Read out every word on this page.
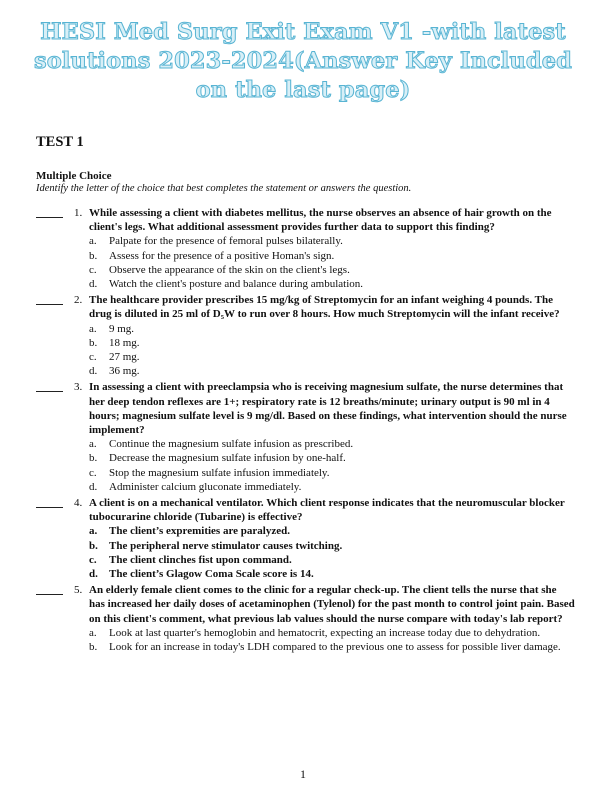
HESI Med Surg Exit Exam V1 -with latest solutions 2023-2024(Answer Key Included on the last page)
TEST 1
Multiple Choice
Identify the letter of the choice that best completes the statement or answers the question.
1. While assessing a client with diabetes mellitus, the nurse observes an absence of hair growth on the client's legs. What additional assessment provides further data to support this finding?
a.	Palpate for the presence of femoral pulses bilaterally.
b.	Assess for the presence of a positive Homan's sign.
c.	Observe the appearance of the skin on the client's legs.
d.	Watch the client's posture and balance during ambulation.
2. The healthcare provider prescribes 15 mg/kg of Streptomycin for an infant weighing 4 pounds. The drug is diluted in 25 ml of D₅W to run over 8 hours. How much Streptomycin will the infant receive?
a.	9 mg.
b.	18 mg.
c.	27 mg.
d.	36 mg.
3. In assessing a client with preeclampsia who is receiving magnesium sulfate, the nurse determines that her deep tendon reflexes are 1+; respiratory rate is 12 breaths/minute; urinary output is 90 ml in 4 hours; magnesium sulfate level is 9 mg/dl. Based on these findings, what intervention should the nurse implement?
a.	Continue the magnesium sulfate infusion as prescribed.
b.	Decrease the magnesium sulfate infusion by one-half.
c.	Stop the magnesium sulfate infusion immediately.
d.	Administer calcium gluconate immediately.
4. A client is on a mechanical ventilator. Which client response indicates that the neuromuscular blocker tubocurarine chloride (Tubarine) is effective?
a.	The client’s expremities are paralyzed.
b.	The peripheral nerve stimulator causes twitching.
c.	The client clinches fist upon command.
d.	The client’s Glagow Coma Scale score is 14.
5. An elderly female client comes to the clinic for a regular check-up. The client tells the nurse that she has increased her daily doses of acetaminophen (Tylenol) for the past month to control joint pain. Based on this client's comment, what previous lab values should the nurse compare with today's lab report?
a.	Look at last quarter's hemoglobin and hematocrit, expecting an increase today due to dehydration.
b.	Look for an increase in today's LDH compared to the previous one to assess for possible liver damage.
1
